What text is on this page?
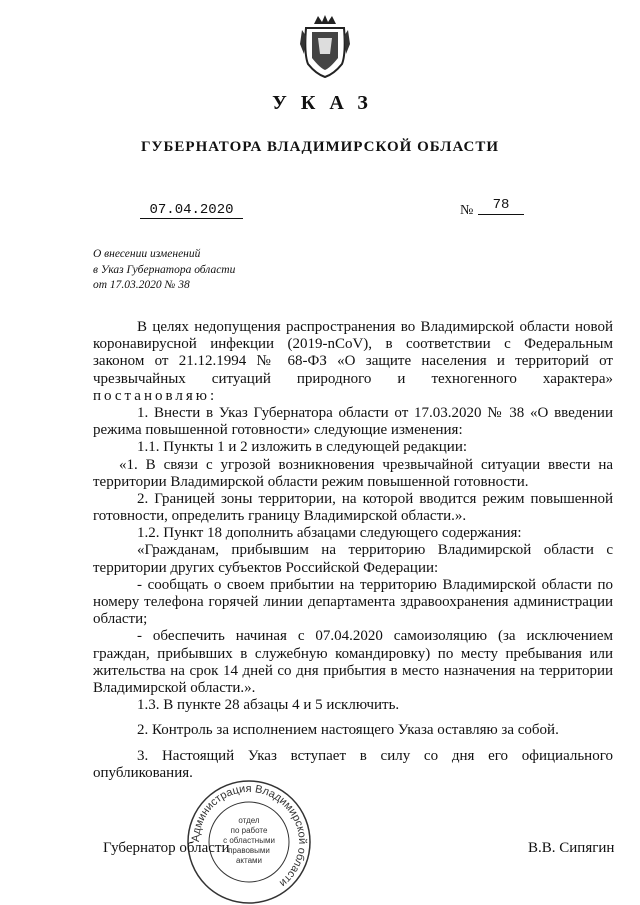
УКАЗ
ГУБЕРНАТОРА ВЛАДИМИРСКОЙ ОБЛАСТИ
07.04.2020	№	78
О внесении изменений
в Указ Губернатора области
от 17.03.2020 № 38
В целях недопущения распространения во Владимирской области новой
коронавирусной инфекции (2019-nCoV), в соответствии с Федеральным
законом от 21.12.1994 № 68-ФЗ «О защите населения и территорий от
чрезвычайных ситуаций природного и техногенного характера»
постановляю:
1. Внести в Указ Губернатора области от 17.03.2020 № 38 «О введении
режима повышенной готовности» следующие изменения:
1.1. Пункты 1 и 2 изложить в следующей редакции:
«1. В связи с угрозой возникновения чрезвычайной ситуации ввести на
территории Владимирской области режим повышенной готовности.
2. Границей зоны территории, на которой вводится режим повышенной
готовности, определить границу Владимирской области.».
1.2. Пункт 18 дополнить абзацами следующего содержания:
«Гражданам, прибывшим на территорию Владимирской области с
территории других субъектов Российской Федерации:
- сообщать о своем прибытии на территорию Владимирской области по
номеру телефона горячей линии департамента здравоохранения администрации
области;
- обеспечить начиная с 07.04.2020 самоизоляцию (за исключением
граждан, прибывших в служебную командировку) по месту пребывания или
жительства на срок 14 дней со дня прибытия в место назначения на территории
Владимирской области.».
1.3. В пункте 28 абзацы 4 и 5 исключить.
2. Контроль за исполнением настоящего Указа оставляю за собой.
3. Настоящий Указ вступает в силу со дня его официального
опубликования.
Администрация Владимирской области
отдел
по работе
с областными
правовыми
актами
Губернатор области	В.В. Сипягин
